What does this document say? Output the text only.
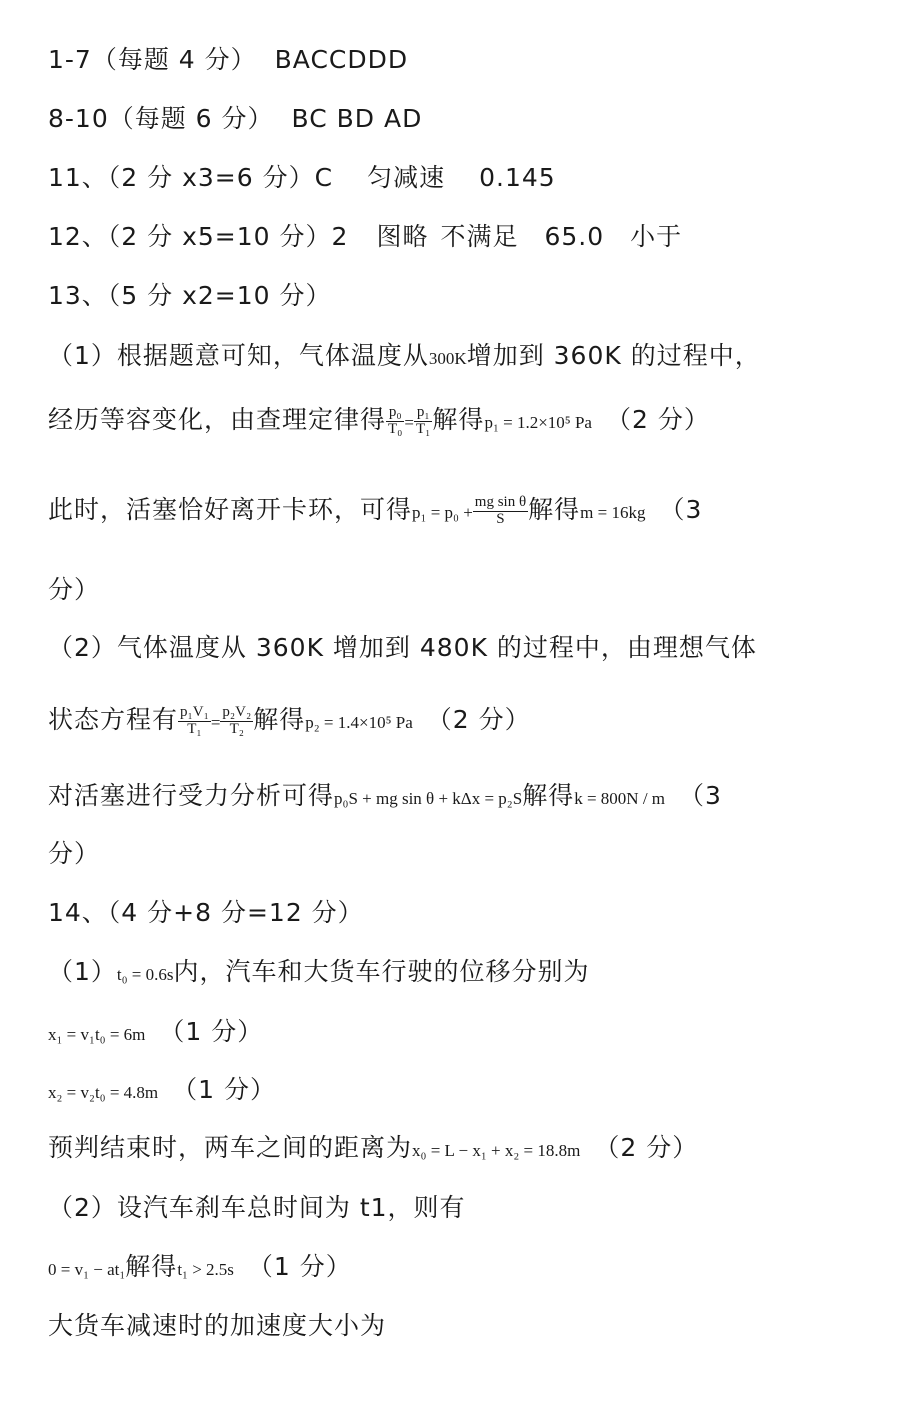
1-7（每题 4 分） BACCDDD
8-10（每题 6 分） BC BD AD
11、（2 分 x3=6 分）C 匀减速 0.145
12、（2 分 x5=10 分）2 图略 不满足 65.0 小于
13、（5 分 x2=10 分）
（1）根据题意可知，气体温度从300K增加到 360K 的过程中，
经历等容变化，由查理定律得 $\frac{\text{p₀}}{\text{T₀}} = \frac{\text{p₁}}{\text{T₁}}$ 解得p₁ = 1.2×10⁵ Pa （2 分）
此时，活塞恰好离开卡环，可得$p_1 = p_0 + \frac{\text{mg sin θ}}{S}$ 解得m = 16kg （3
分）
（2）气体温度从 360K 增加到 480K 的过程中，由理想气体
状态方程有 $\frac{\text{p₁V₁}}{\text{T₁}} = \frac{\text{p₂V₂}}{\text{T₂}}$ 解得p₂ = 1.4×10⁵ Pa （2 分）
对活塞进行受力分析可得p₀S + mg sin θ + kΔx = p₂S解得k = 800N / m （3
分）
14、（4 分+8 分=12 分）
（1）t₀ = 0.6s内，汽车和大货车行驶的位移分别为
x₁ = v₁t₀ = 6m （1 分）
x₂ = v₂t₀ = 4.8m （1 分）
预判结束时，两车之间的距离为x₀ = L − x₁ + x₂ = 18.8m （2 分）
（2）设汽车刹车总时间为 t1，则有
0 = v₁ − at₁解得t₁ > 2.5s （1 分）
大货车减速时的加速度大小为
